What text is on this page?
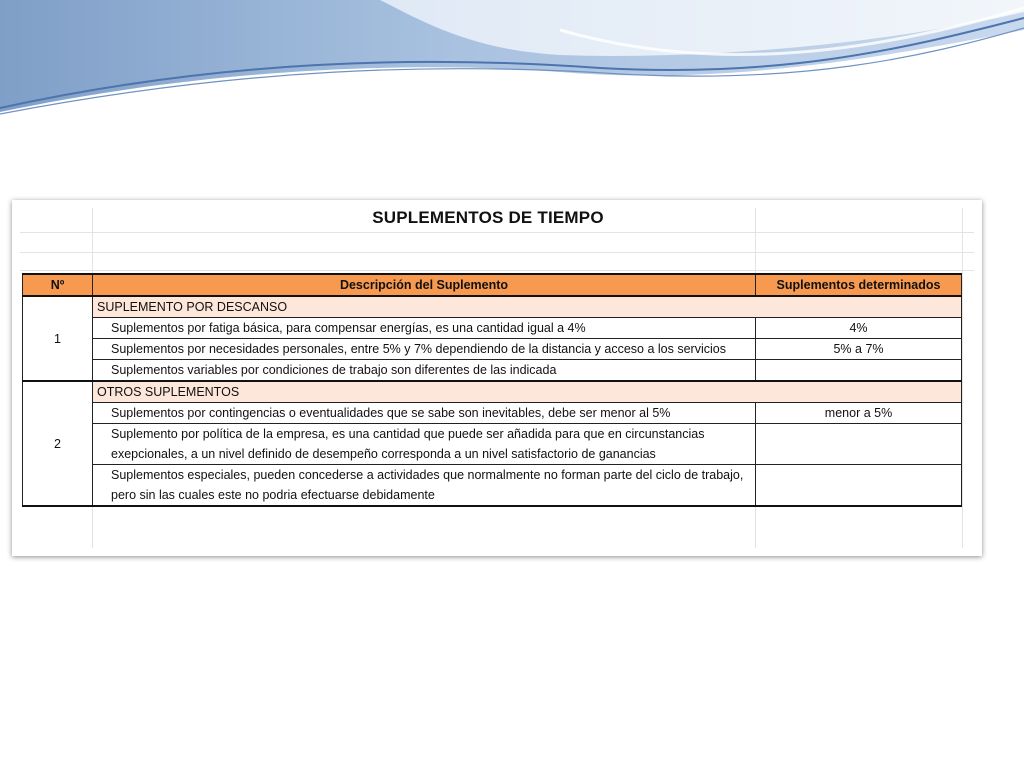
SUPLEMENTOS DE TIEMPO
Nº	Descripción del Suplemento	Suplementos determinados
1	SUPLEMENTO POR DESCANSO	
	Suplementos por fatiga básica, para compensar energías, es una cantidad igual a 4%	4%
	Suplementos por necesidades personales, entre 5% y 7% dependiendo de la distancia y acceso a los servicios	5% a 7%
	Suplementos variables por condiciones de trabajo son diferentes de las indicada	
2	OTROS SUPLEMENTOS	
	Suplementos por contingencias o eventualidades que se sabe son inevitables, debe ser menor al 5%	menor a 5%
	Suplemento por política de la empresa, es una cantidad que puede ser añadida para que en circunstancias exepcionales, a un nivel definido de desempeño corresponda a un nivel satisfactorio de ganancias	
	Suplementos especiales, pueden concederse a actividades que normalmente no forman parte del ciclo de trabajo, pero sin las cuales este no podria efectuarse debidamente	
